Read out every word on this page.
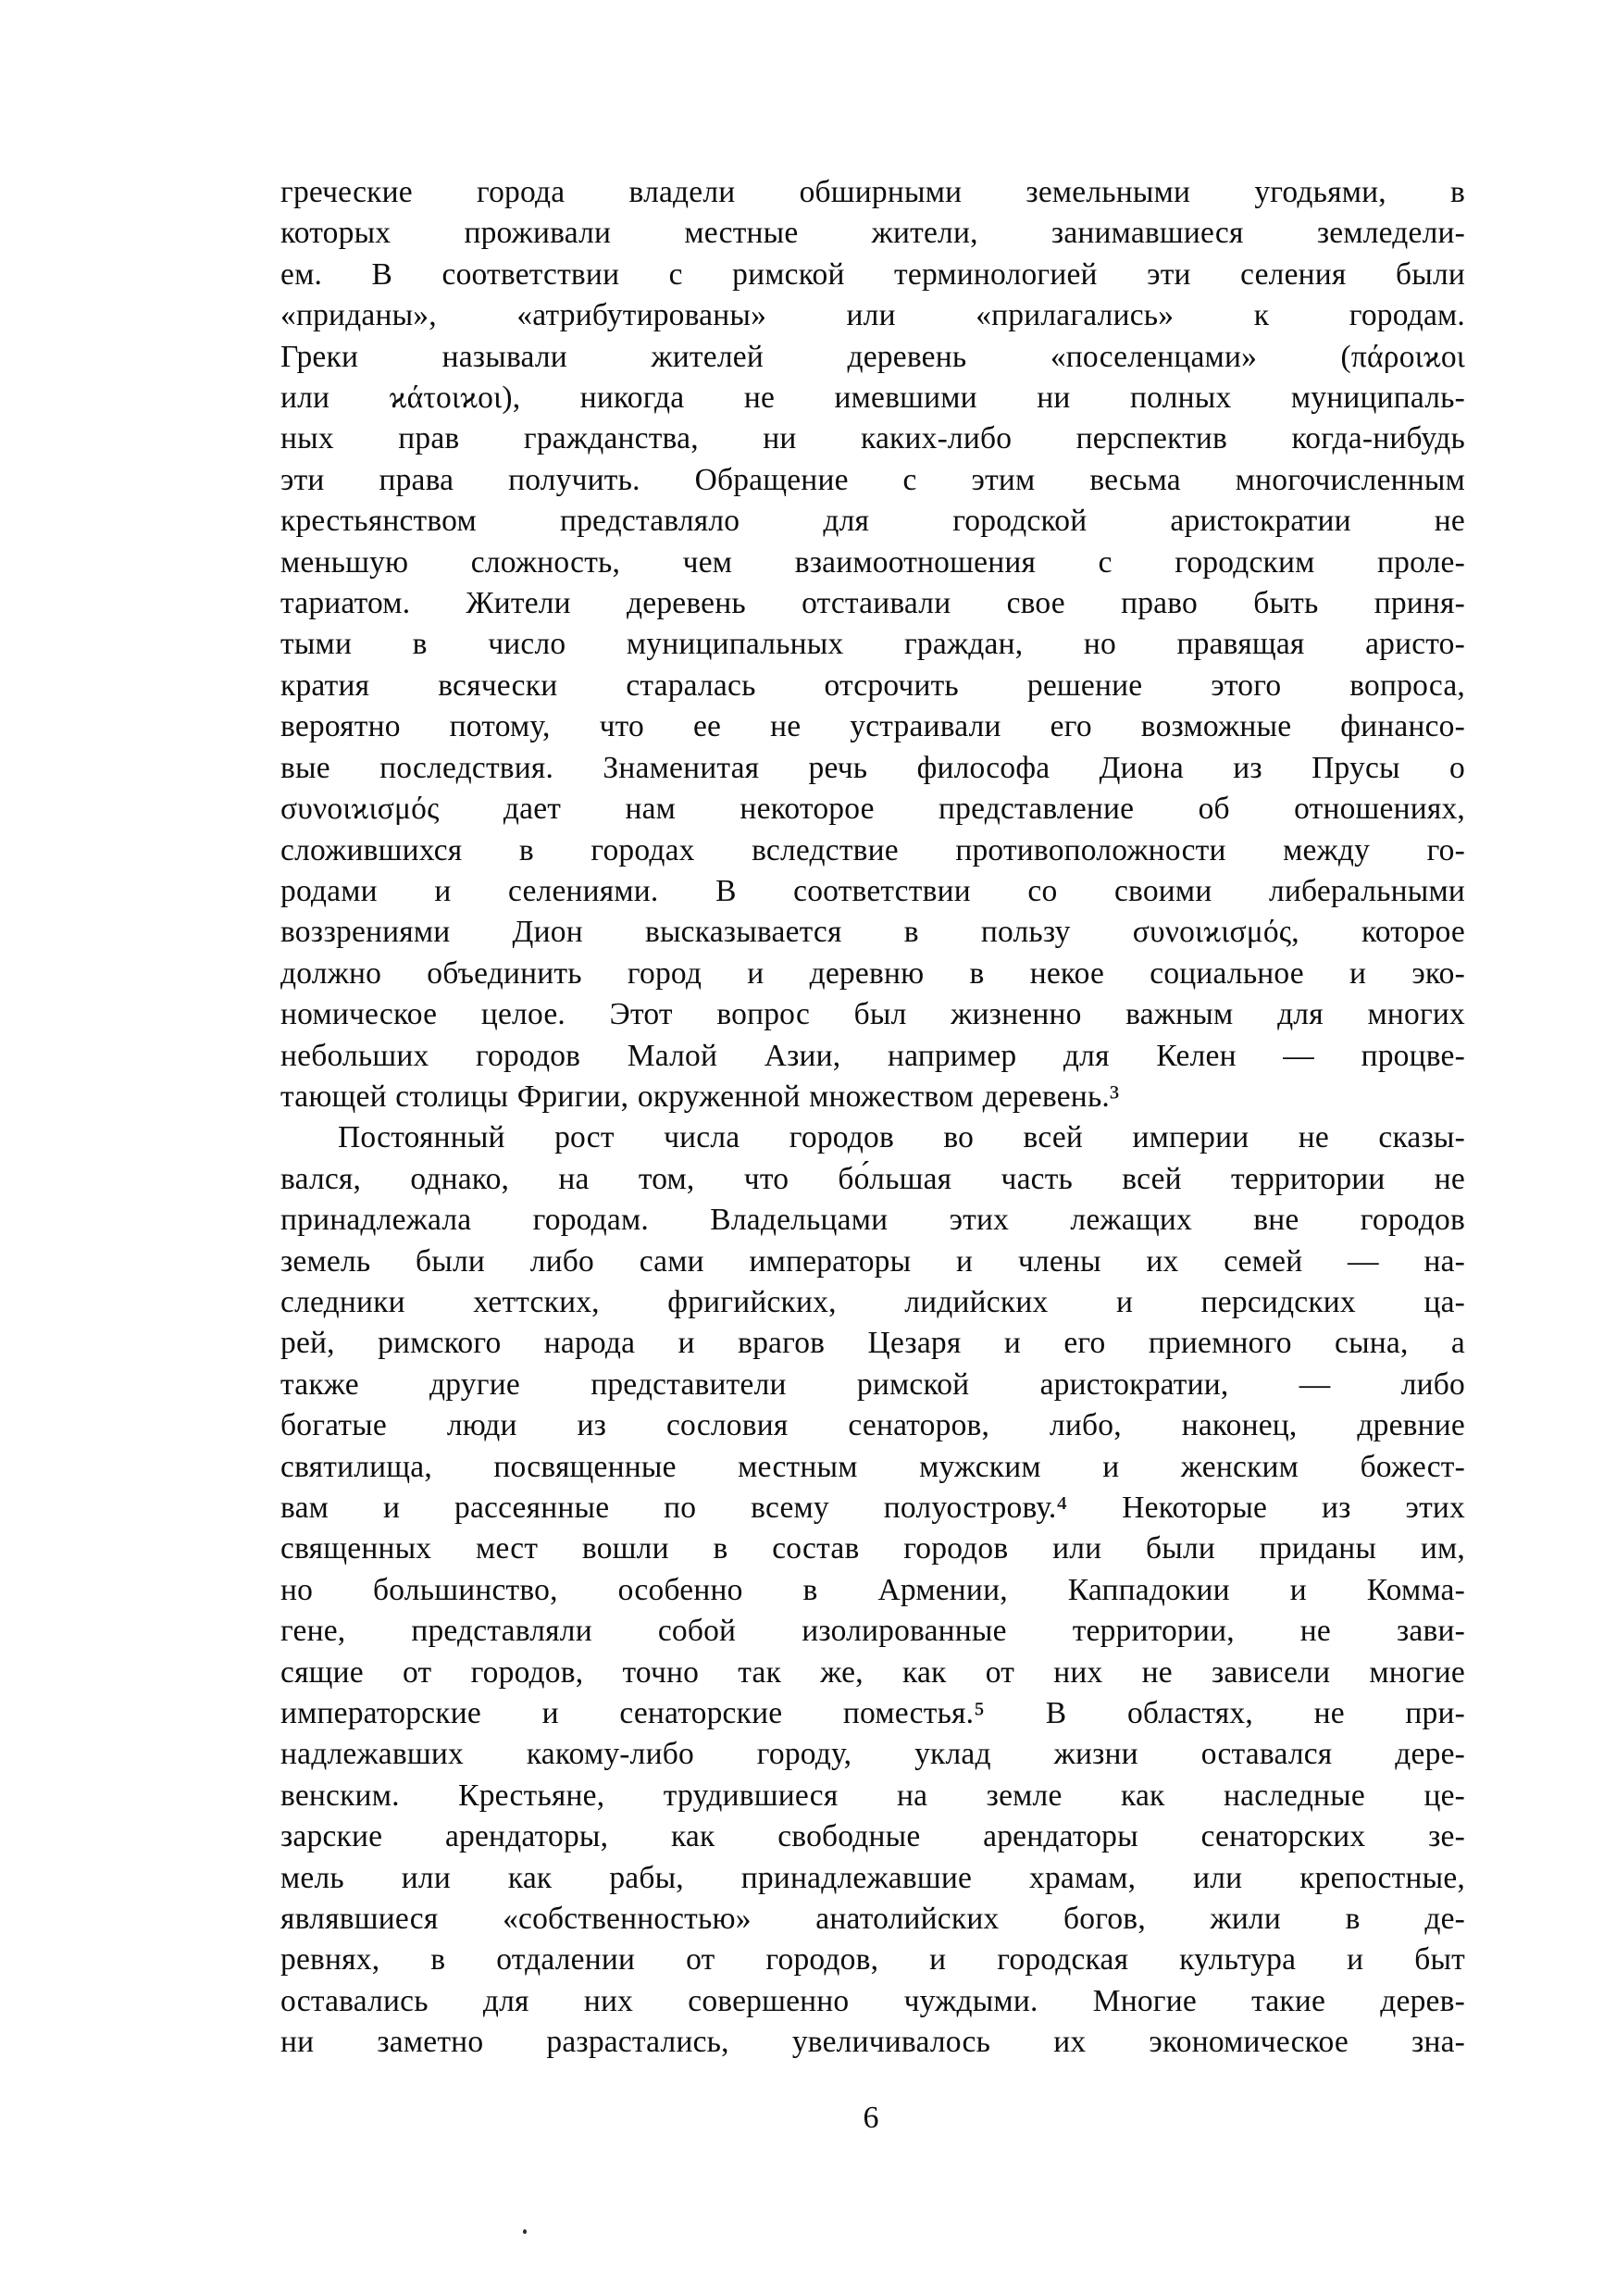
греческие города владели обширными земельными угодьями, в
которых проживали местные жители, занимавшиеся земледели-
ем. В соответствии с римской терминологией эти селения были
«приданы», «атрибутированы» или «прилагались» к городам.
Греки называли жителей деревень «поселенцами» (πάροιϰοι
или ϰάτοιϰοι), никогда не имевшими ни полных муниципаль-
ных прав гражданства, ни каких-либо перспектив когда-нибудь
эти права получить. Обращение с этим весьма многочисленным
крестьянством представляло для городской аристократии не
меньшую сложность, чем взаимоотношения с городским проле-
тариатом. Жители деревень отстаивали свое право быть приня-
тыми в число муниципальных граждан, но правящая аристо-
кратия всячески старалась отсрочить решение этого вопроса,
вероятно потому, что ее не устраивали его возможные финансо-
вые последствия. Знаменитая речь философа Диона из Прусы о
συνοιϰισμός дает нам некоторое представление об отношениях,
сложившихся в городах вследствие противоположности между го-
родами и селениями. В соответствии со своими либеральными
воззрениями Дион высказывается в пользу συνοιϰισμός, которое
должно объединить город и деревню в некое социальное и эко-
номическое целое. Этот вопрос был жизненно важным для многих
небольших городов Малой Азии, например для Келен — процве-
тающей столицы Фригии, окруженной множеством деревень.³
Постоянный рост числа городов во всей империи не сказы-
вался, однако, на том, что бо́льшая часть всей территории не
принадлежала городам. Владельцами этих лежащих вне городов
земель были либо сами императоры и члены их семей — на-
следники хеттских, фригийских, лидийских и персидских ца-
рей, римского народа и врагов Цезаря и его приемного сына, а
также другие представители римской аристократии, — либо
богатые люди из сословия сенаторов, либо, наконец, древние
святилища, посвященные местным мужским и женским божест-
вам и рассеянные по всему полуострову.⁴ Некоторые из этих
священных мест вошли в состав городов или были приданы им,
но большинство, особенно в Армении, Каппадокии и Комма-
гене, представляли собой изолированные территории, не зави-
сящие от городов, точно так же, как от них не зависели многие
императорские и сенаторские поместья.⁵ В областях, не при-
надлежавших какому-либо городу, уклад жизни оставался дере-
венским. Крестьяне, трудившиеся на земле как наследные це-
зарские арендаторы, как свободные арендаторы сенаторских зе-
мель или как рабы, принадлежавшие храмам, или крепостные,
являвшиеся «собственностью» анатолийских богов, жили в де-
ревнях, в отдалении от городов, и городская культура и быт
оставались для них совершенно чуждыми. Многие такие дерев-
ни заметно разрастались, увеличивалось их экономическое зна-
6
